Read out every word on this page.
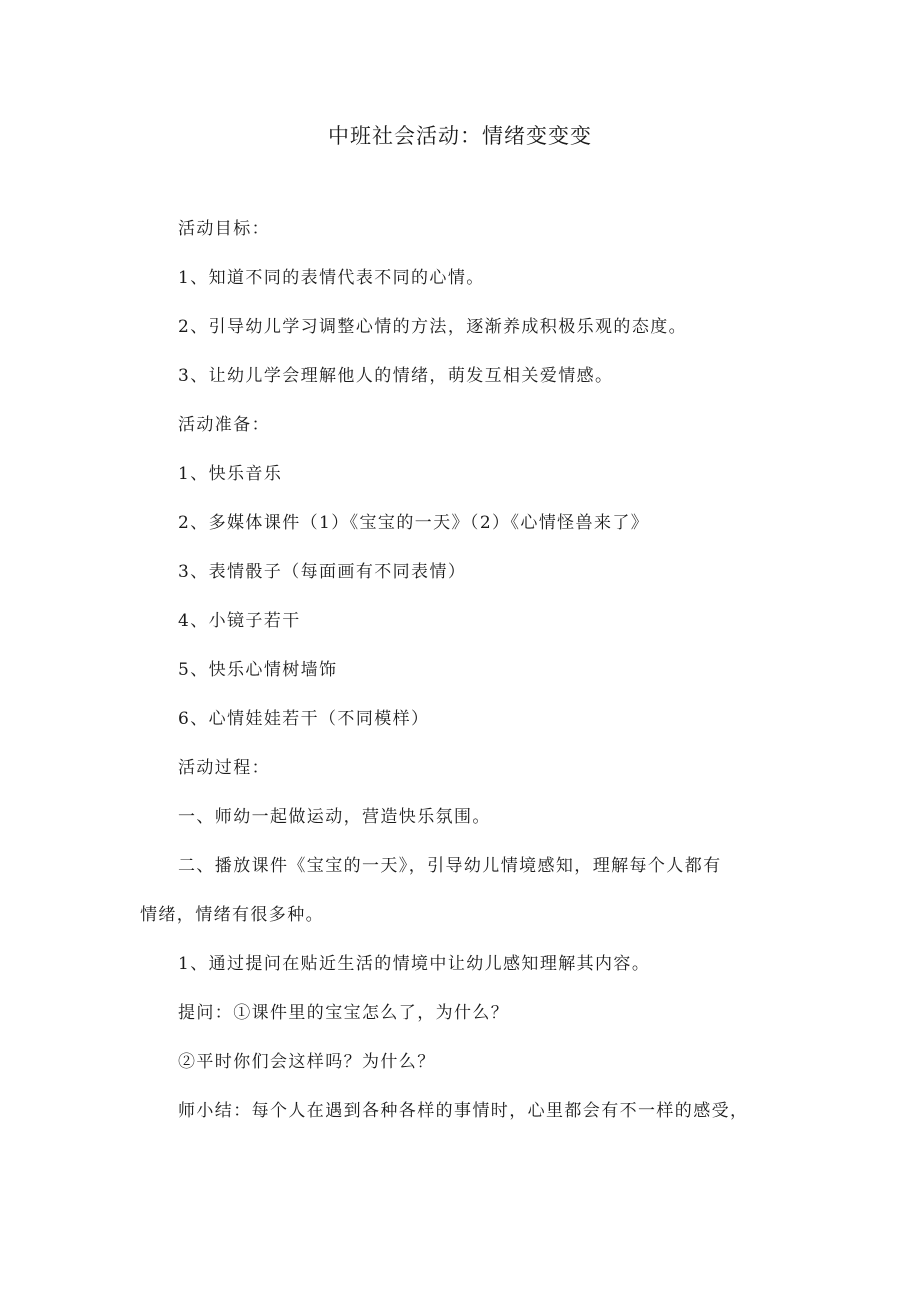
中班社会活动：情绪变变变
活动目标：
1、知道不同的表情代表不同的心情。
2、引导幼儿学习调整心情的方法，逐渐养成积极乐观的态度。
3、让幼儿学会理解他人的情绪，萌发互相关爱情感。
活动准备：
1、快乐音乐
2、多媒体课件（1）《宝宝的一天》（2）《心情怪兽来了》
3、表情骰子（每面画有不同表情）
4、小镜子若干
5、快乐心情树墙饰
6、心情娃娃若干（不同模样）
活动过程：
一、师幼一起做运动，营造快乐氛围。
二、播放课件《宝宝的一天》，引导幼儿情境感知，理解每个人都有
情绪，情绪有很多种。
1、通过提问在贴近生活的情境中让幼儿感知理解其内容。
提问：①课件里的宝宝怎么了，为什么？
②平时你们会这样吗？为什么？
师小结：每个人在遇到各种各样的事情时，心里都会有不一样的感受，
